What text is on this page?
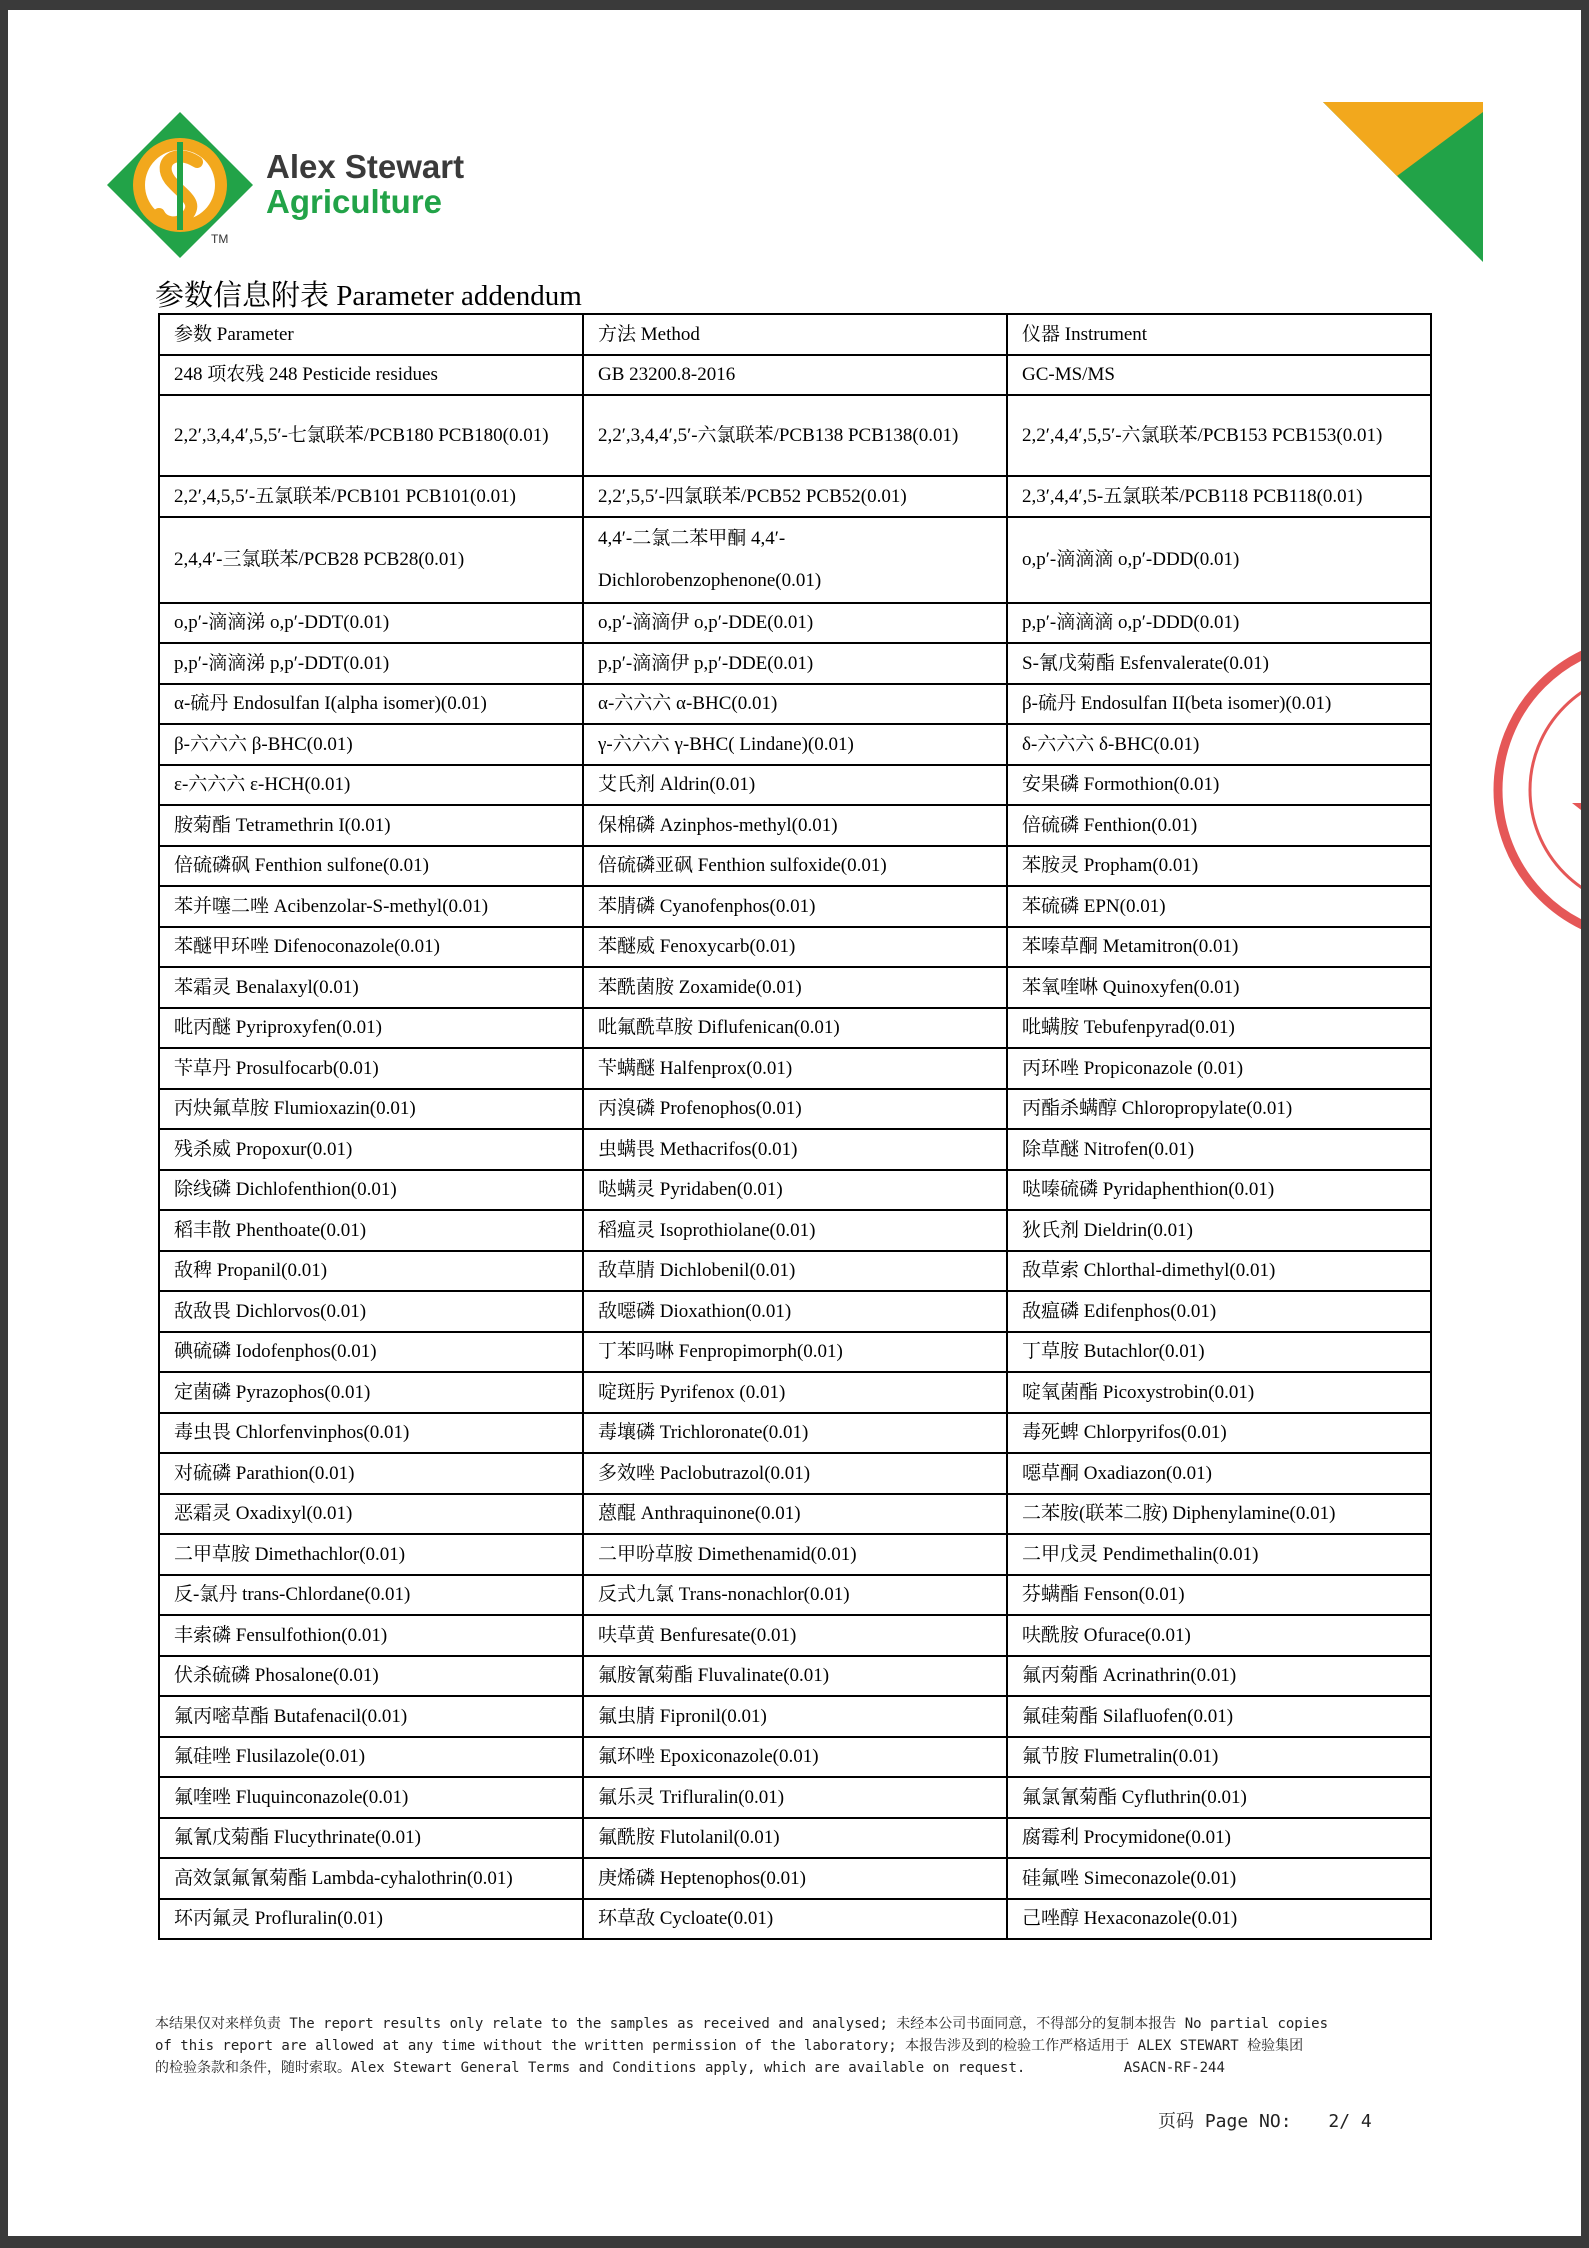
Alex Stewart
Agriculture
TM
参数信息附表 Parameter addendum
参数 Parameter	方法 Method	仪器 Instrument
248 项农残 248 Pesticide residues	GB 23200.8-2016	GC-MS/MS
2,2′,3,4,4′,5,5′-七氯联苯/PCB180 PCB180(0.01)	2,2′,3,4,4′,5′-六氯联苯/PCB138 PCB138(0.01)	2,2′,4,4′,5,5′-六氯联苯/PCB153 PCB153(0.01)
2,2′,4,5,5′-五氯联苯/PCB101 PCB101(0.01)	2,2′,5,5′-四氯联苯/PCB52 PCB52(0.01)	2,3′,4,4′,5-五氯联苯/PCB118 PCB118(0.01)
2,4,4′-三氯联苯/PCB28 PCB28(0.01)	4,4′-二氯二苯甲酮 4,4′-Dichlorobenzophenone(0.01)	o,p′-滴滴滴 o,p′-DDD(0.01)
o,p′-滴滴涕 o,p′-DDT(0.01)	o,p′-滴滴伊 o,p′-DDE(0.01)	p,p′-滴滴滴 o,p′-DDD(0.01)
p,p′-滴滴涕 p,p′-DDT(0.01)	p,p′-滴滴伊 p,p′-DDE(0.01)	S-氰戊菊酯 Esfenvalerate(0.01)
α-硫丹 Endosulfan I(alpha isomer)(0.01)	α-六六六 α-BHC(0.01)	β-硫丹 Endosulfan II(beta isomer)(0.01)
β-六六六 β-BHC(0.01)	γ-六六六 γ-BHC( Lindane)(0.01)	δ-六六六 δ-BHC(0.01)
ε-六六六 ε-HCH(0.01)	艾氏剂 Aldrin(0.01)	安果磷 Formothion(0.01)
胺菊酯 Tetramethrin I(0.01)	保棉磷 Azinphos-methyl(0.01)	倍硫磷 Fenthion(0.01)
倍硫磷砜 Fenthion sulfone(0.01)	倍硫磷亚砜 Fenthion sulfoxide(0.01)	苯胺灵 Propham(0.01)
苯并噻二唑 Acibenzolar-S-methyl(0.01)	苯腈磷 Cyanofenphos(0.01)	苯硫磷 EPN(0.01)
苯醚甲环唑 Difenoconazole(0.01)	苯醚威 Fenoxycarb(0.01)	苯嗪草酮 Metamitron(0.01)
苯霜灵 Benalaxyl(0.01)	苯酰菌胺 Zoxamide(0.01)	苯氧喹啉 Quinoxyfen(0.01)
吡丙醚 Pyriproxyfen(0.01)	吡氟酰草胺 Diflufenican(0.01)	吡螨胺 Tebufenpyrad(0.01)
苄草丹 Prosulfocarb(0.01)	苄螨醚 Halfenprox(0.01)	丙环唑 Propiconazole (0.01)
丙炔氟草胺 Flumioxazin(0.01)	丙溴磷 Profenophos(0.01)	丙酯杀螨醇 Chloropropylate(0.01)
残杀威 Propoxur(0.01)	虫螨畏 Methacrifos(0.01)	除草醚 Nitrofen(0.01)
除线磷 Dichlofenthion(0.01)	哒螨灵 Pyridaben(0.01)	哒嗪硫磷 Pyridaphenthion(0.01)
稻丰散 Phenthoate(0.01)	稻瘟灵 Isoprothiolane(0.01)	狄氏剂 Dieldrin(0.01)
敌稗 Propanil(0.01)	敌草腈 Dichlobenil(0.01)	敌草索 Chlorthal-dimethyl(0.01)
敌敌畏 Dichlorvos(0.01)	敌噁磷 Dioxathion(0.01)	敌瘟磷 Edifenphos(0.01)
碘硫磷 Iodofenphos(0.01)	丁苯吗啉 Fenpropimorph(0.01)	丁草胺 Butachlor(0.01)
定菌磷 Pyrazophos(0.01)	啶斑肟 Pyrifenox (0.01)	啶氧菌酯 Picoxystrobin(0.01)
毒虫畏 Chlorfenvinphos(0.01)	毒壤磷 Trichloronate(0.01)	毒死蜱 Chlorpyrifos(0.01)
对硫磷 Parathion(0.01)	多效唑 Paclobutrazol(0.01)	噁草酮 Oxadiazon(0.01)
恶霜灵 Oxadixyl(0.01)	蒽醌 Anthraquinone(0.01)	二苯胺(联苯二胺) Diphenylamine(0.01)
二甲草胺 Dimethachlor(0.01)	二甲吩草胺 Dimethenamid(0.01)	二甲戊灵 Pendimethalin(0.01)
反-氯丹 trans-Chlordane(0.01)	反式九氯 Trans-nonachlor(0.01)	芬螨酯 Fenson(0.01)
丰索磷 Fensulfothion(0.01)	呋草黄 Benfuresate(0.01)	呋酰胺 Ofurace(0.01)
伏杀硫磷 Phosalone(0.01)	氟胺氰菊酯 Fluvalinate(0.01)	氟丙菊酯 Acrinathrin(0.01)
氟丙嘧草酯 Butafenacil(0.01)	氟虫腈 Fipronil(0.01)	氟硅菊酯 Silafluofen(0.01)
氟硅唑 Flusilazole(0.01)	氟环唑 Epoxiconazole(0.01)	氟节胺 Flumetralin(0.01)
氟喹唑 Fluquinconazole(0.01)	氟乐灵 Trifluralin(0.01)	氟氯氰菊酯 Cyfluthrin(0.01)
氟氰戊菊酯 Flucythrinate(0.01)	氟酰胺 Flutolanil(0.01)	腐霉利 Procymidone(0.01)
高效氯氟氰菊酯 Lambda-cyhalothrin(0.01)	庚烯磷 Heptenophos(0.01)	硅氟唑 Simeconazole(0.01)
环丙氟灵 Profluralin(0.01)	环草敌 Cycloate(0.01)	己唑醇 Hexaconazole(0.01)
本结果仅对来样负责 The report results only relate to the samples as received and analysed; 未经本公司书面同意，不得部分的复制本报告 No partial copies
of this report are allowed at any time without the written permission of the laboratory; 本报告涉及到的检验工作严格适用于 ALEX STEWART 检验集团
的检验条款和条件，随时索取。Alex Stewart General Terms and Conditions apply, which are available on request.	ASACN-RF-244
页码 Page NO: 2/ 4
